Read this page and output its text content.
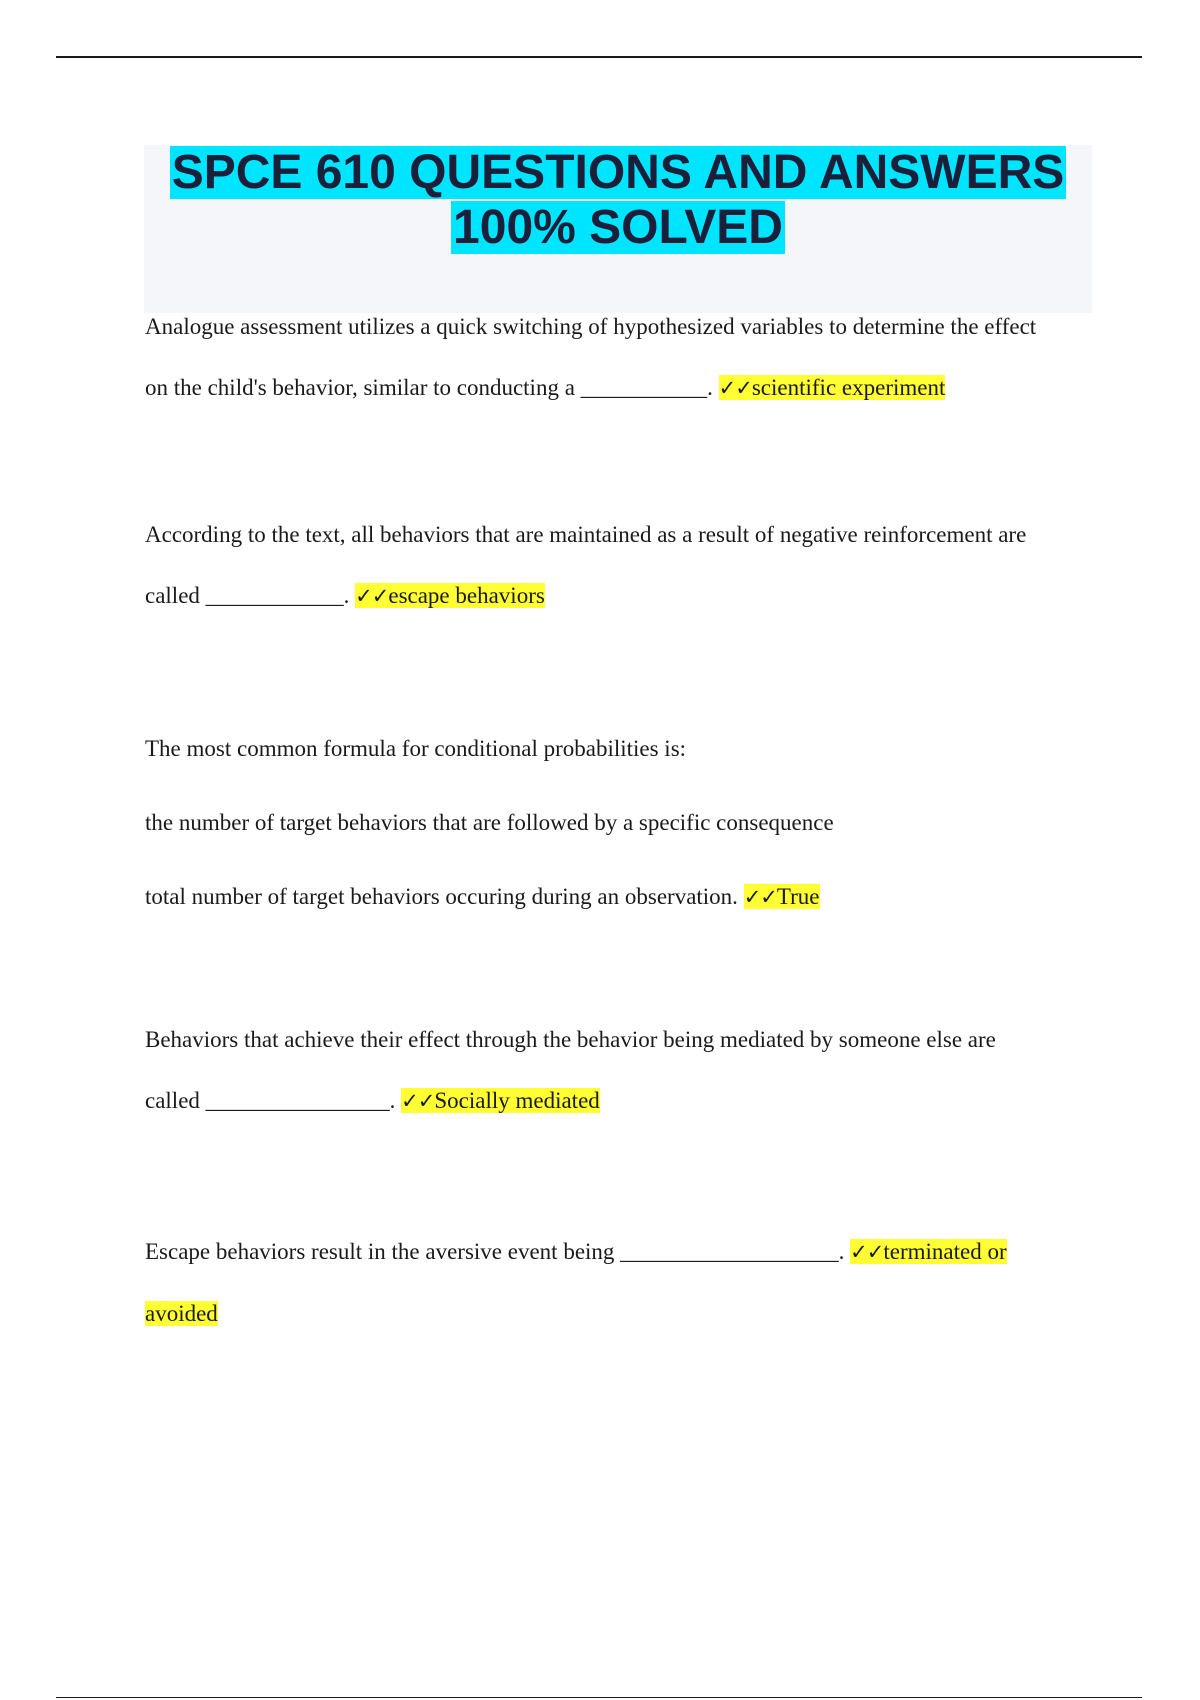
SPCE 610 QUESTIONS AND ANSWERS
100% SOLVED

Analogue assessment utilizes a quick switching of hypothesized variables to determine the effect

on the child's behavior, similar to conducting a ___________. ✓✓scientific experiment

According to the text, all behaviors that are maintained as a result of negative reinforcement are

called ____________. ✓✓escape behaviors

The most common formula for conditional probabilities is:

the number of target behaviors that are followed by a specific consequence

total number of target behaviors occuring during an observation. ✓✓True

Behaviors that achieve their effect through the behavior being mediated by someone else are

called ________________. ✓✓Socially mediated

Escape behaviors result in the aversive event being ___________________. ✓✓terminated or

avoided
